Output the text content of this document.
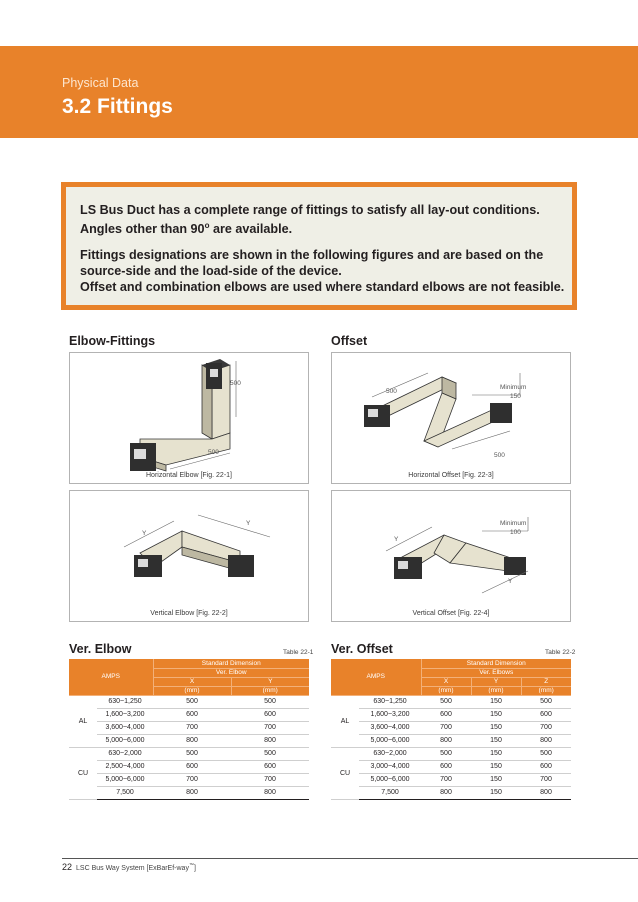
Physical Data
3.2 Fittings

LS Bus Duct has a complete range of fittings to satisfy all lay-out conditions.
Angles other than 90$^o$ are available.

Fittings designations are shown in the following figures and are based on the
source-side and the load-side of the device.
Offset and combination elbows are used where standard elbows are not feasible.

Elbow-Fittings	Offset
500
500
Horizontal Elbow [Fig. 22-1]
500
500
Minimum
150
Horizontal Offset [Fig. 22-3]
Y
Y
Vertical Elbow [Fig. 22-2]
Y
Y
Minimum
100
Vertical Offset [Fig. 22-4]
Ver. Elbow	Table 22-1
AMPS		Standard Dimension	
		Ver. Elbow	
		X	Y
		(mm)	(mm)
AL	630~1,250	500	500
	1,600~3,200	600	600
	3,600~4,000	700	700
	5,000~6,000	800	800
CU	630~2,000	500	500
	2,500~4,000	600	600
	5,000~6,000	700	700
	7,500	800	800
Ver. Offset	Table 22-2
AMPS		Standard Dimension		
		Ver. Elbows		
		X	Y	Z
		(mm)	(mm)	(mm)
AL	630~1,250	500	150	500
	1,600~3,200	600	150	600
	3,600~4,000	700	150	700
	5,000~6,000	800	150	800
CU	630~2,000	500	150	500
	3,000~4,000	600	150	600
	5,000~6,000	700	150	700
	7,500	800	150	800
22 LSC Bus Way System [ExBarEf-way™]
